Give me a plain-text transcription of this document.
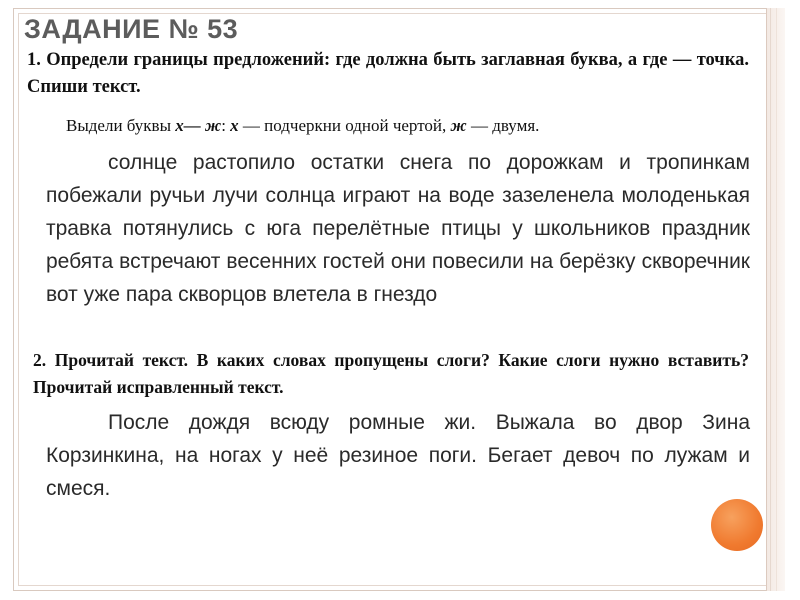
ЗАДАНИЕ № 53
1. Определи границы предложений: где должна быть заглавная буква, а где — точка. Спиши текст.
Выдели буквы х— ж: х — подчеркни одной чертой, ж — двумя.
солнце растопило остатки снега по дорожкам и тропинкам побежали ручьи лучи солнца играют на воде зазеленела молоденькая травка потянулись с юга перелётные птицы у школьников праздник ребята встречают весенних гостей они повесили на берёзку скворечник вот уже пара скворцов влетела в гнездо
2. Прочитай текст. В каких словах пропущены слоги? Какие слоги нужно вставить? Прочитай исправленный текст.
После дождя всюду ромные жи. Выжала во двор Зина Корзинкина, на ногах у неё резиное поги. Бегает девоч по лужам и смеся.
